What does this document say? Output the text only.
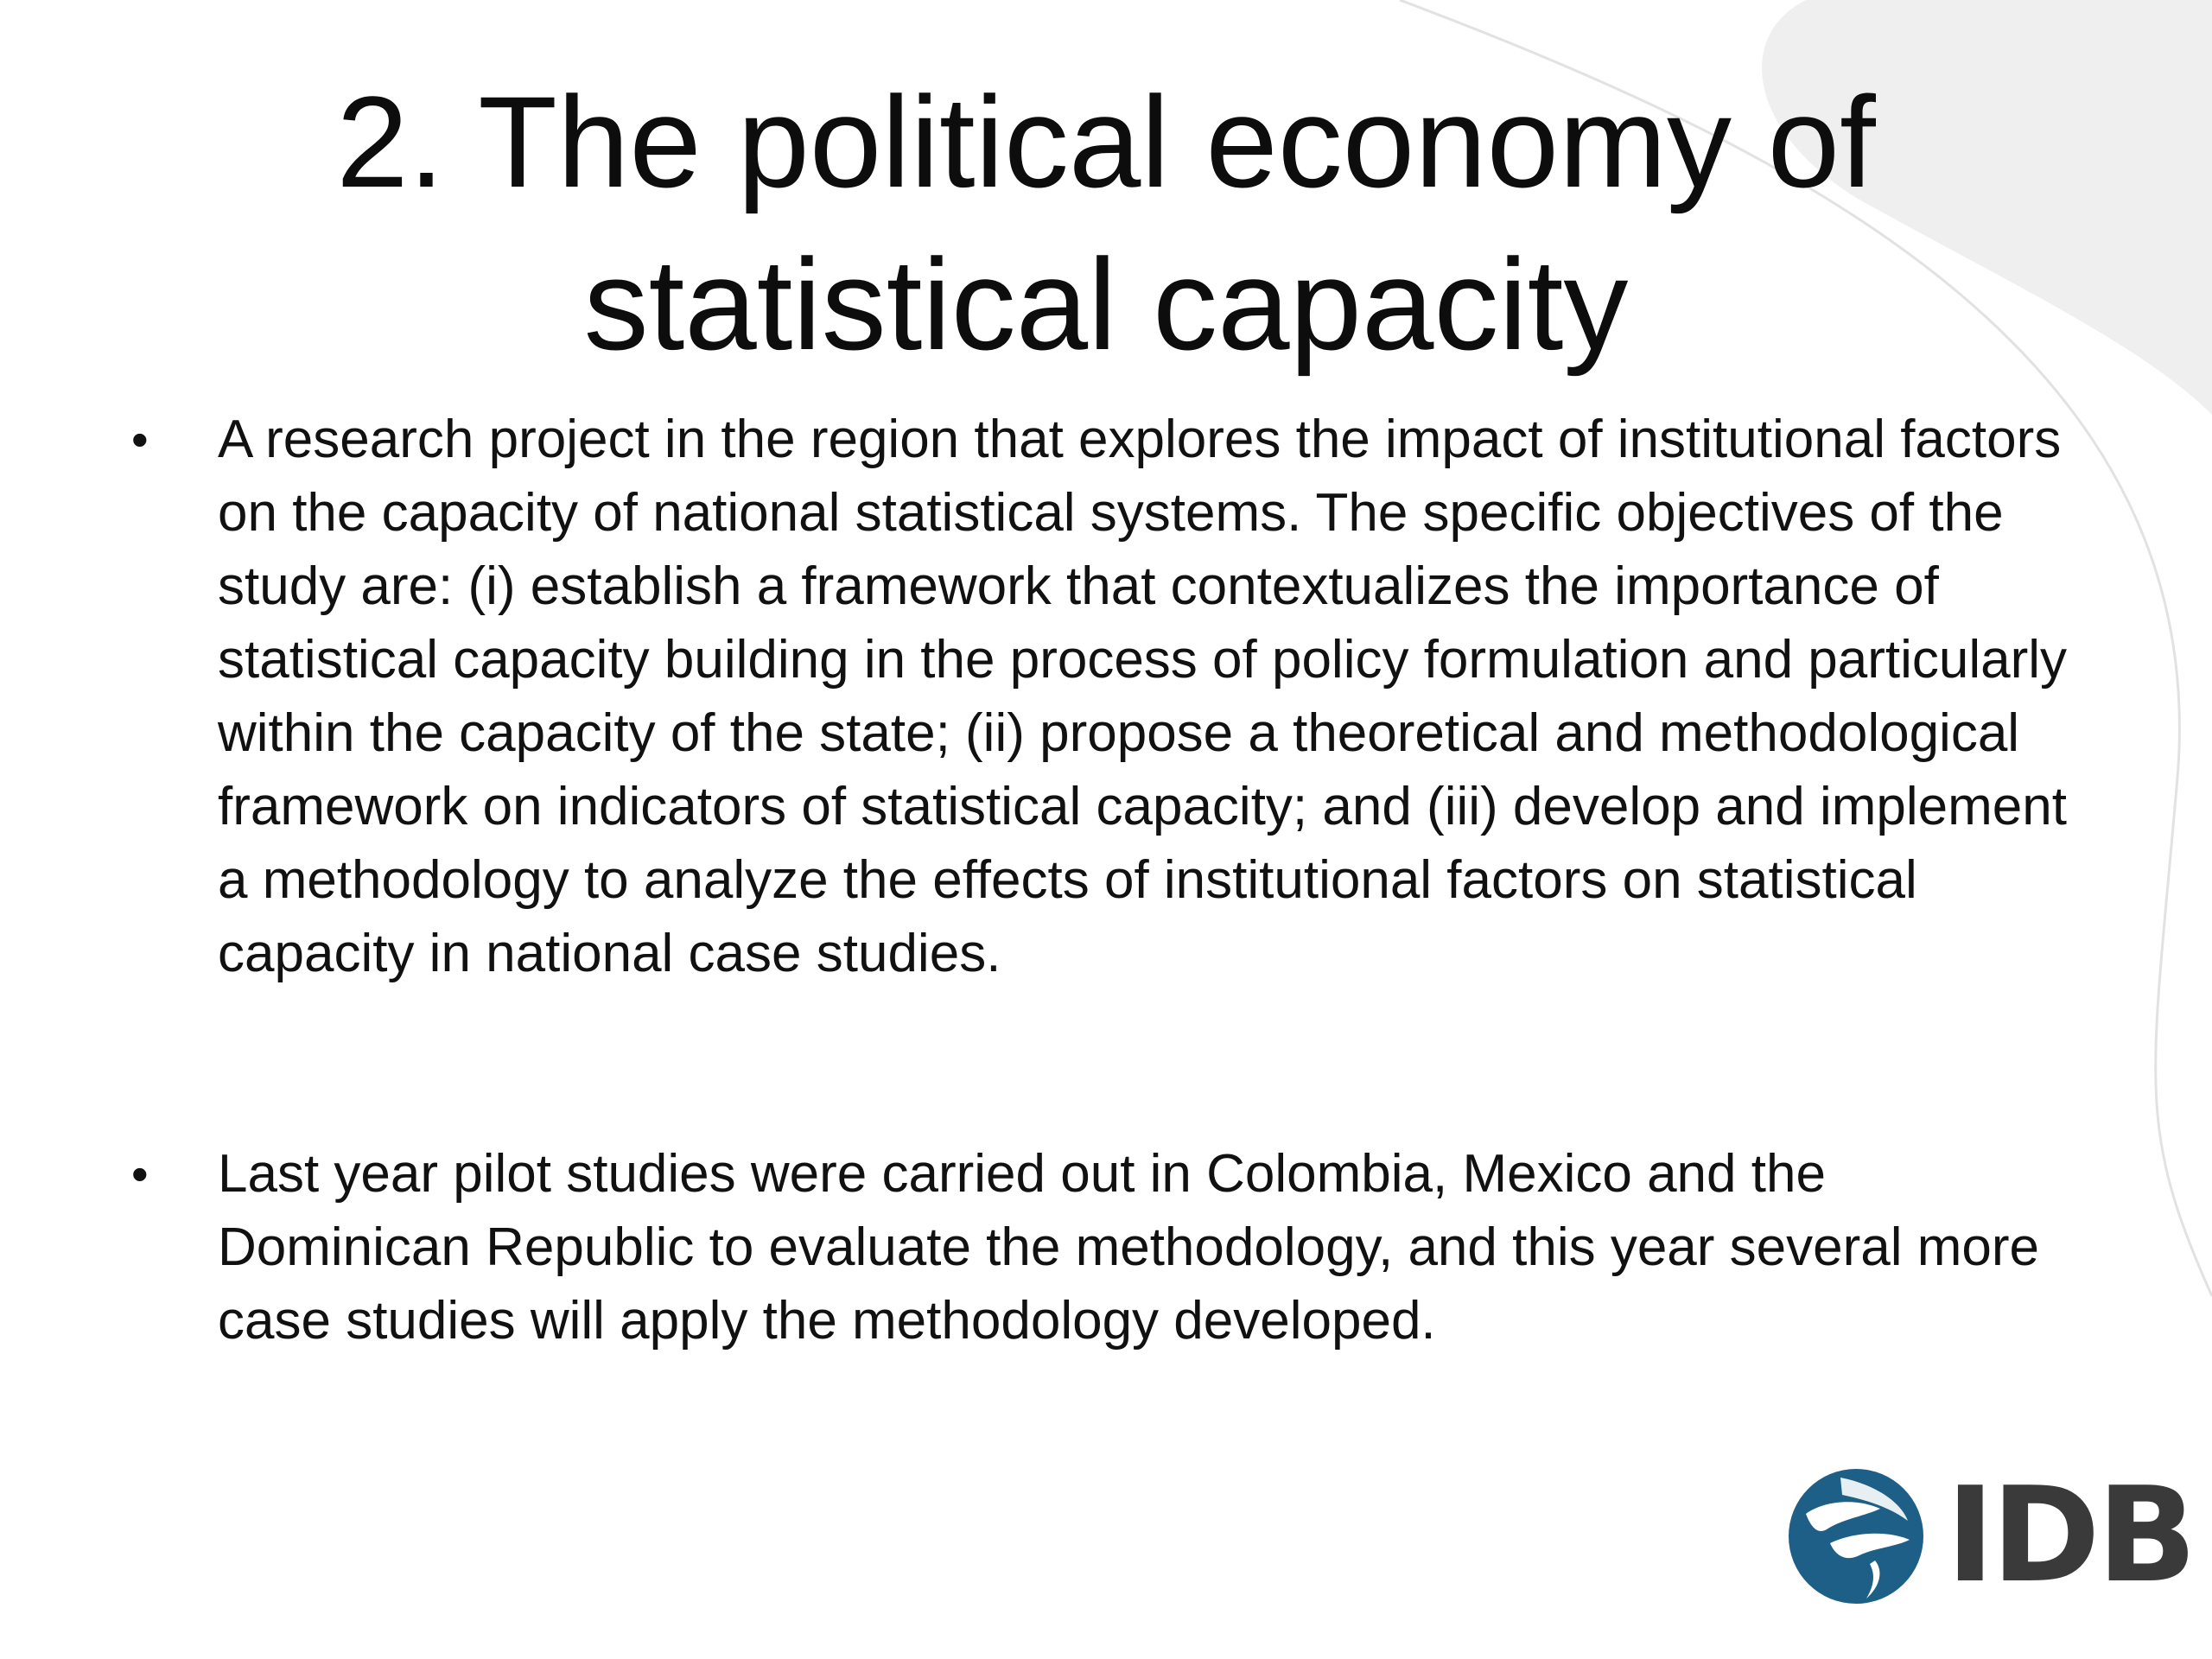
2. The political economy of
statistical capacity
• A research project in the region that explores the impact of institutional factors on the capacity of national statistical systems. The specific objectives of the study are: (i) establish a framework that contextualizes the importance of statistical capacity building in the process of policy formulation and particularly within the capacity of the state; (ii) propose a theoretical and methodological framework on indicators of statistical capacity; and (iii) develop and implement a methodology to analyze the effects of institutional factors on statistical capacity in national case studies.
• Last year pilot studies were carried out in Colombia, Mexico and the Dominican Republic to evaluate the methodology, and this year several more case studies will apply the methodology developed.
IDB
